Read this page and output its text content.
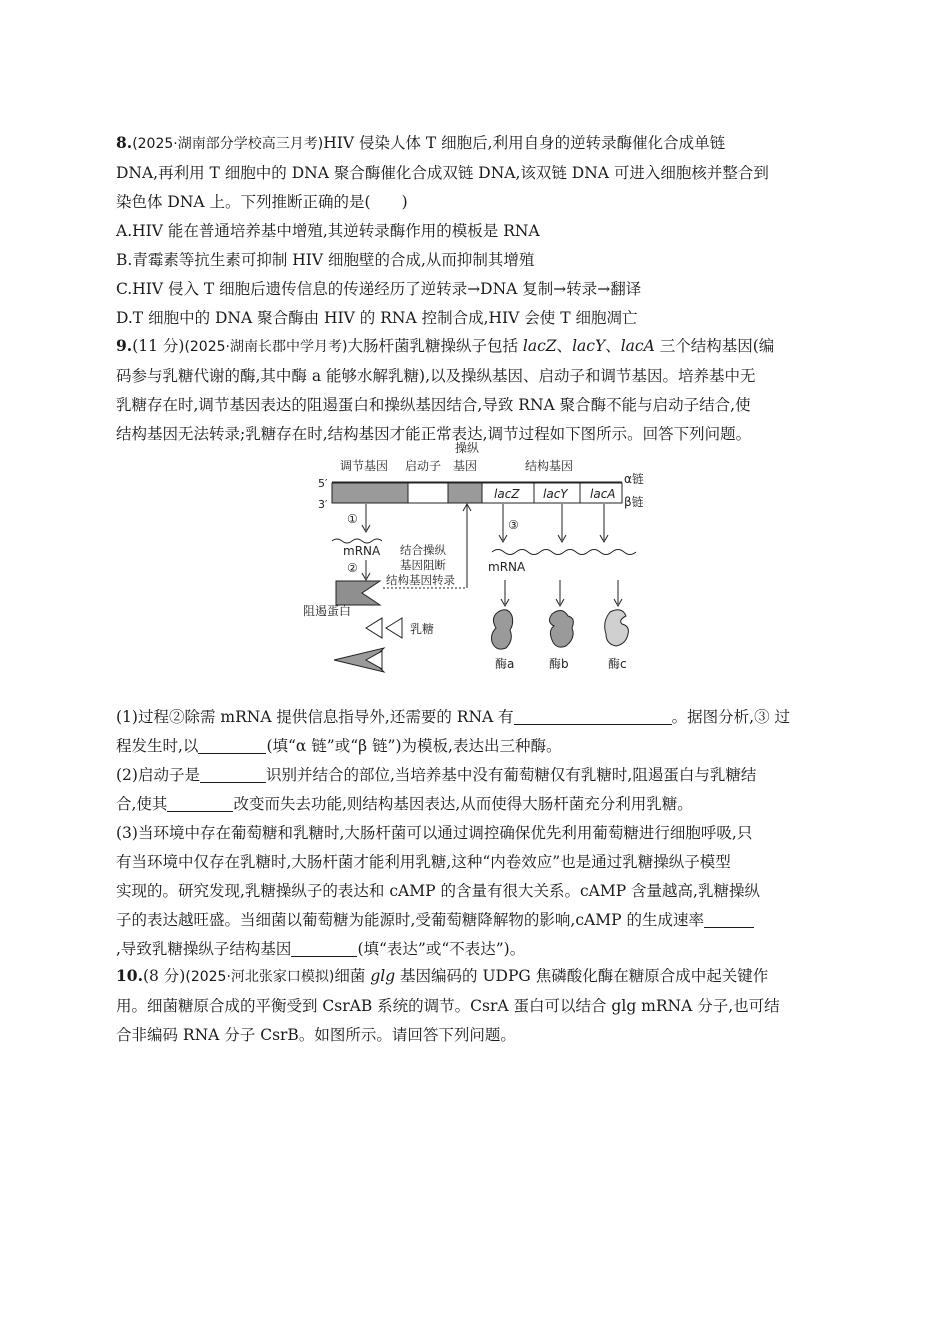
8.(2025·湖南部分学校高三月考)HIV 侵染人体 T 细胞后,利用自身的逆转录酶催化合成单链

DNA,再利用 T 细胞中的 DNA 聚合酶催化合成双链 DNA,该双链 DNA 可进入细胞核并整合到

染色体 DNA 上。下列推断正确的是(　　)

A.HIV 能在普通培养基中增殖,其逆转录酶作用的模板是 RNA

B.青霉素等抗生素可抑制 HIV 细胞壁的合成,从而抑制其增殖

C.HIV 侵入 T 细胞后遗传信息的传递经历了逆转录→DNA 复制→转录→翻译

D.T 细胞中的 DNA 聚合酶由 HIV 的 RNA 控制合成,HIV 会使 T 细胞凋亡

9.(11 分)(2025·湖南长郡中学月考)大肠杆菌乳糖操纵子包括 lacZ、lacY、lacA 三个结构基因(编

码参与乳糖代谢的酶,其中酶 a 能够水解乳糖),以及操纵基因、启动子和调节基因。培养基中无

乳糖存在时,调节基因表达的阻遏蛋白和操纵基因结合,导致 RNA 聚合酶不能与启动子结合,使

结构基因无法转录;乳糖存在时,结构基因才能正常表达,调节过程如下图所示。回答下列问题。

调节基因 启动子
操纵
基因	结构基因
5′
3′
α链
β链
lacZ lacY lacA
①
mRNA
②
阻遏蛋白
乳糖
结合操纵
基因阻断
结构基因转录
③
mRNA
酶a	酶b	酶c

(1)过程②除需 mRNA 提供信息指导外,还需要的 RNA 有	。据图分析,③ 过

程发生时,以	(填“α 链”或“β 链”)为模板,表达出三种酶。

(2)启动子是	识别并结合的部位,当培养基中没有葡萄糖仅有乳糖时,阻遏蛋白与乳糖结

合,使其	改变而失去功能,则结构基因表达,从而使得大肠杆菌充分利用乳糖。

(3)当环境中存在葡萄糖和乳糖时,大肠杆菌可以通过调控确保优先利用葡萄糖进行细胞呼吸,只

有当环境中仅存在乳糖时,大肠杆菌才能利用乳糖,这种“内卷效应”也是通过乳糖操纵子模型

实现的。研究发现,乳糖操纵子的表达和 cAMP 的含量有很大关系。cAMP 含量越高,乳糖操纵

子的表达越旺盛。当细菌以葡萄糖为能源时,受葡萄糖降解物的影响,cAMP 的生成速率

,导致乳糖操纵子结构基因	(填“表达”或“不表达”)。

10.(8 分)(2025·河北张家口模拟)细菌 glg 基因编码的 UDPG 焦磷酸化酶在糖原合成中起关键作

用。细菌糖原合成的平衡受到 CsrAB 系统的调节。CsrA 蛋白可以结合 glg mRNA 分子,也可结

合非编码 RNA 分子 CsrB。如图所示。请回答下列问题。
